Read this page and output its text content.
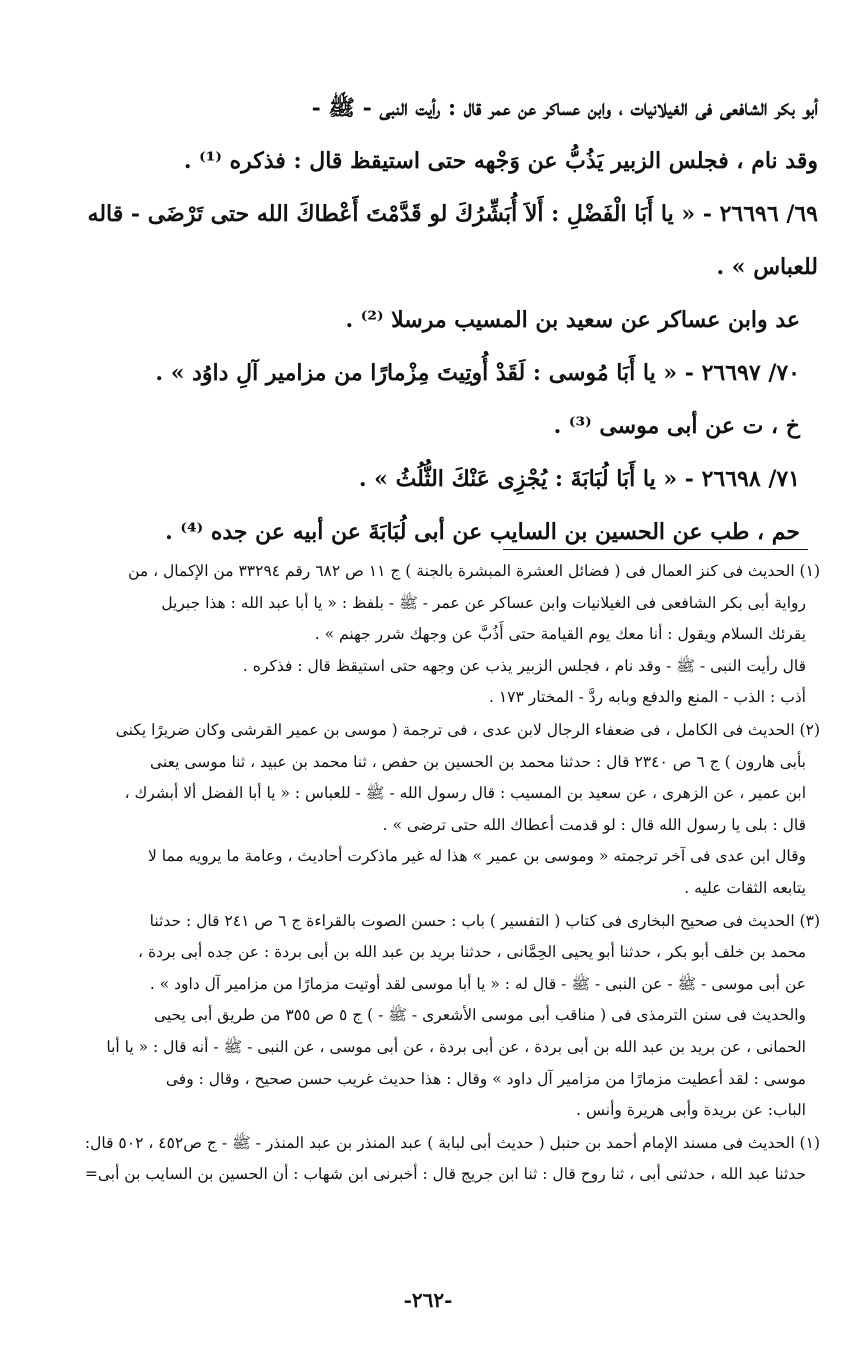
أبو بكر الشافعى فى الغيلانيات ، وابن عساكر عن عمر قال : رأيت النبى - ﷺ -

وقد نام ، فجلس الزبير يَذُبُّ عن وَجْهه حتى استيقظ قال : فذكره ⁽¹⁾ .

٦٩/ ٢٦٦٩٦ - « يا أَبَا الْفَضْلِ : أَلاَ أُبَشِّرُكَ لو قَدَّمْتَ أَعْطاكَ الله حتى تَرْضَى - قاله

للعباس » .

عد وابن عساكر عن سعيد بن المسيب مرسلا ⁽²⁾ .

٧٠/ ٢٦٦٩٧ - « يا أَبَا مُوسى : لَقَدْ أُوتِيتَ مِزْمارًا من مزامير آلِ داوُد » .

خ ، ت عن أبى موسى ⁽³⁾ .

٧١/ ٢٦٦٩٨ - « يا أَبَا لُبَابَةَ : يُجْزِى عَنْكَ الثُّلُثُ » .

حم ، طب عن الحسين بن السايب عن أبى لُبَابَةَ عن أبيه عن جده ⁽⁴⁾ .

(١) الحديث فى كنز العمال فى ( فضائل العشرة المبشرة بالجنة ) ج ١١ ص ٦٨٢ رقم ٣٣٢٩٤ من الإكمال ، من

رواية أبى بكر الشافعى فى الغيلانيات وابن عساكر عن عمر - ﷺ - بلفظ : « يا أبا عبد الله : هذا جبريل

يقرئك السلام ويقول : أنا معك يوم القيامة حتى أَذُبَّ عن وجهك شرر جهنم » .

قال رأيت النبى - ﷺ - وقد نام ، فجلس الزبير يذب عن وجهه حتى استيقظ قال : فذكره .

أذب : الذب - المنع والدفع وبابه ردَّ - المختار ١٧٣ .

(٢) الحديث فى الكامل ، فى ضعفاء الرجال لابن عدى ، فى ترجمة ( موسى بن عمير القرشى وكان ضريرًا يكنى

بأبى هارون ) ج ٦ ص ٢٣٤٠ قال : حدثنا محمد بن الحسين بن حفص ، ثنا محمد بن عبيد ، ثنا موسى يعنى

ابن عمير ، عن الزهرى ، عن سعيد بن المسيب : قال رسول الله - ﷺ - للعباس : « يا أبا الفضل ألا أبشرك ،

قال : بلى يا رسول الله قال : لو قدمت أعطاك الله حتى ترضى » .

وقال ابن عدى فى آخر ترجمته « وموسى بن عمير » هذا له غير ماذكرت أحاديث ، وعامة ما يرويه مما لا

يتابعه الثقات عليه .

(٣) الحديث فى صحيح البخارى فى كتاب ( التفسير ) باب : حسن الصوت بالقراءة ج ٦ ص ٢٤١ قال : حدثنا

محمد بن خلف أبو بكر ، حدثنا أبو يحيى الحِمَّانى ، حدثنا بريد بن عبد الله بن أبى بردة : عن جده أبى بردة ،

عن أبى موسى - ﷺ - عن النبى - ﷺ - قال له : « يا أبا موسى لقد أوتيت مزمارًا من مزامير آل داود » .

والحديث فى سنن الترمذى فى ( مناقب أبى موسى الأشعرى - ﷺ - ) ج ٥ ص ٣٥٥ من طريق أبى يحيى

الحمانى ، عن بريد بن عبد الله بن أبى بردة ، عن أبى بردة ، عن أبى موسى ، عن النبى - ﷺ - أنه قال : « يا أبا

موسى : لقد أعطيت مزمارًا من مزامير آل داود » وقال : هذا حديث غريب حسن صحيح ، وقال : وفى

الباب: عن بريدة وأبى هريرة وأنس .

(١) الحديث فى مسند الإمام أحمد بن حنبل ( حديث أبى لبابة ) عبد المنذر بن عبد المنذر - ﷺ - ج ص٤٥٢ ، ٥٠٢ قال:

حدثنا عبد الله ، حدثنى أبى ، ثنا روح قال : ثنا ابن جريج قال : أخبرنى ابن شهاب : أن الحسين بن السايب بن أبى=

-٢٦٢-
